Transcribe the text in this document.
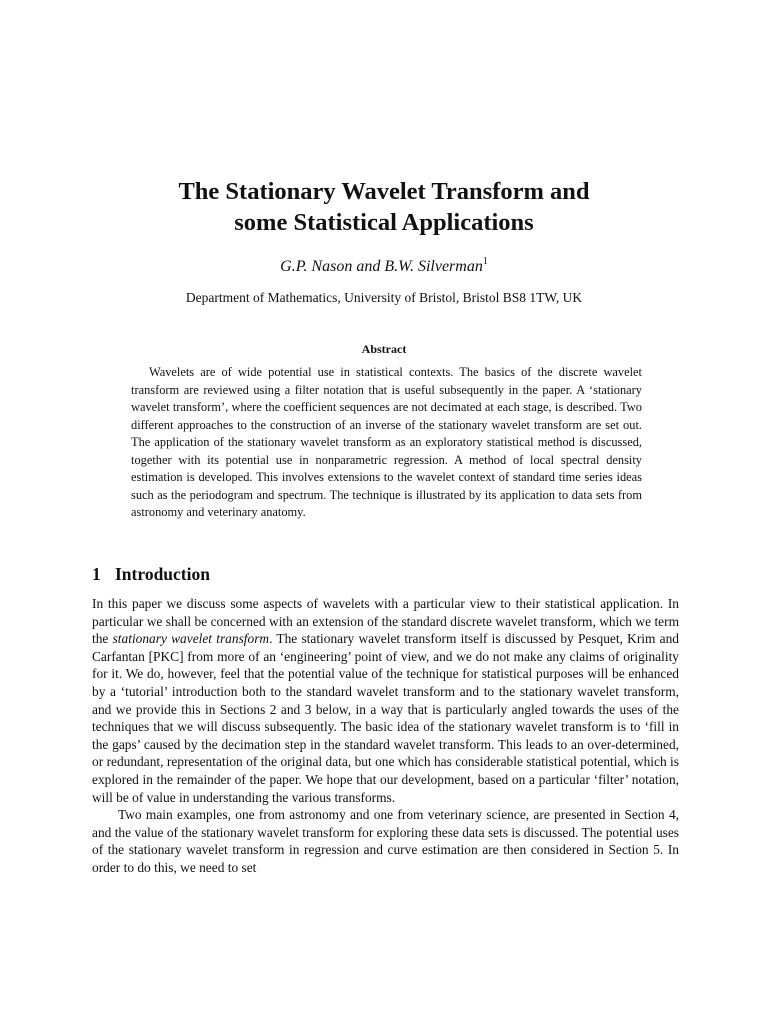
The Stationary Wavelet Transform and
some Statistical Applications
G.P. Nason and B.W. Silverman$^1$
Department of Mathematics, University of Bristol, Bristol BS8 1TW, UK
Abstract

Wavelets are of wide potential use in statistical contexts. The basics of the discrete wavelet transform are reviewed using a filter notation that is useful subsequently in the paper. A ‘stationary wavelet transform’, where the coefficient sequences are not decimated at each stage, is described. Two different approaches to the construction of an inverse of the stationary wavelet transform are set out. The application of the stationary wavelet transform as an exploratory statistical method is discussed, together with its potential use in nonparametric regression. A method of local spectral density estimation is developed. This involves extensions to the wavelet context of standard time series ideas such as the periodogram and spectrum. The technique is illustrated by its application to data sets from astronomy and veterinary anatomy.

1 Introduction

In this paper we discuss some aspects of wavelets with a particular view to their statistical application. In particular we shall be concerned with an extension of the standard discrete wavelet transform, which we term the stationary wavelet transform. The stationary wavelet transform itself is discussed by Pesquet, Krim and Carfantan [PKC] from more of an ‘engineering’ point of view, and we do not make any claims of originality for it. We do, however, feel that the potential value of the technique for statistical purposes will be enhanced by a ‘tutorial’ introduction both to the standard wavelet transform and to the stationary wavelet transform, and we provide this in Sections 2 and 3 below, in a way that is particularly angled towards the uses of the techniques that we will discuss subsequently. The basic idea of the stationary wavelet transform is to ‘fill in the gaps’ caused by the decimation step in the standard wavelet transform. This leads to an over-determined, or redundant, representation of the original data, but one which has considerable statistical potential, which is explored in the remainder of the paper. We hope that our development, based on a particular ‘filter’ notation, will be of value in understanding the various transforms.

Two main examples, one from astronomy and one from veterinary science, are presented in Section 4, and the value of the stationary wavelet transform for exploring these data sets is discussed. The potential uses of the stationary wavelet transform in regression and curve estimation are then considered in Section 5. In order to do this, we need to set
